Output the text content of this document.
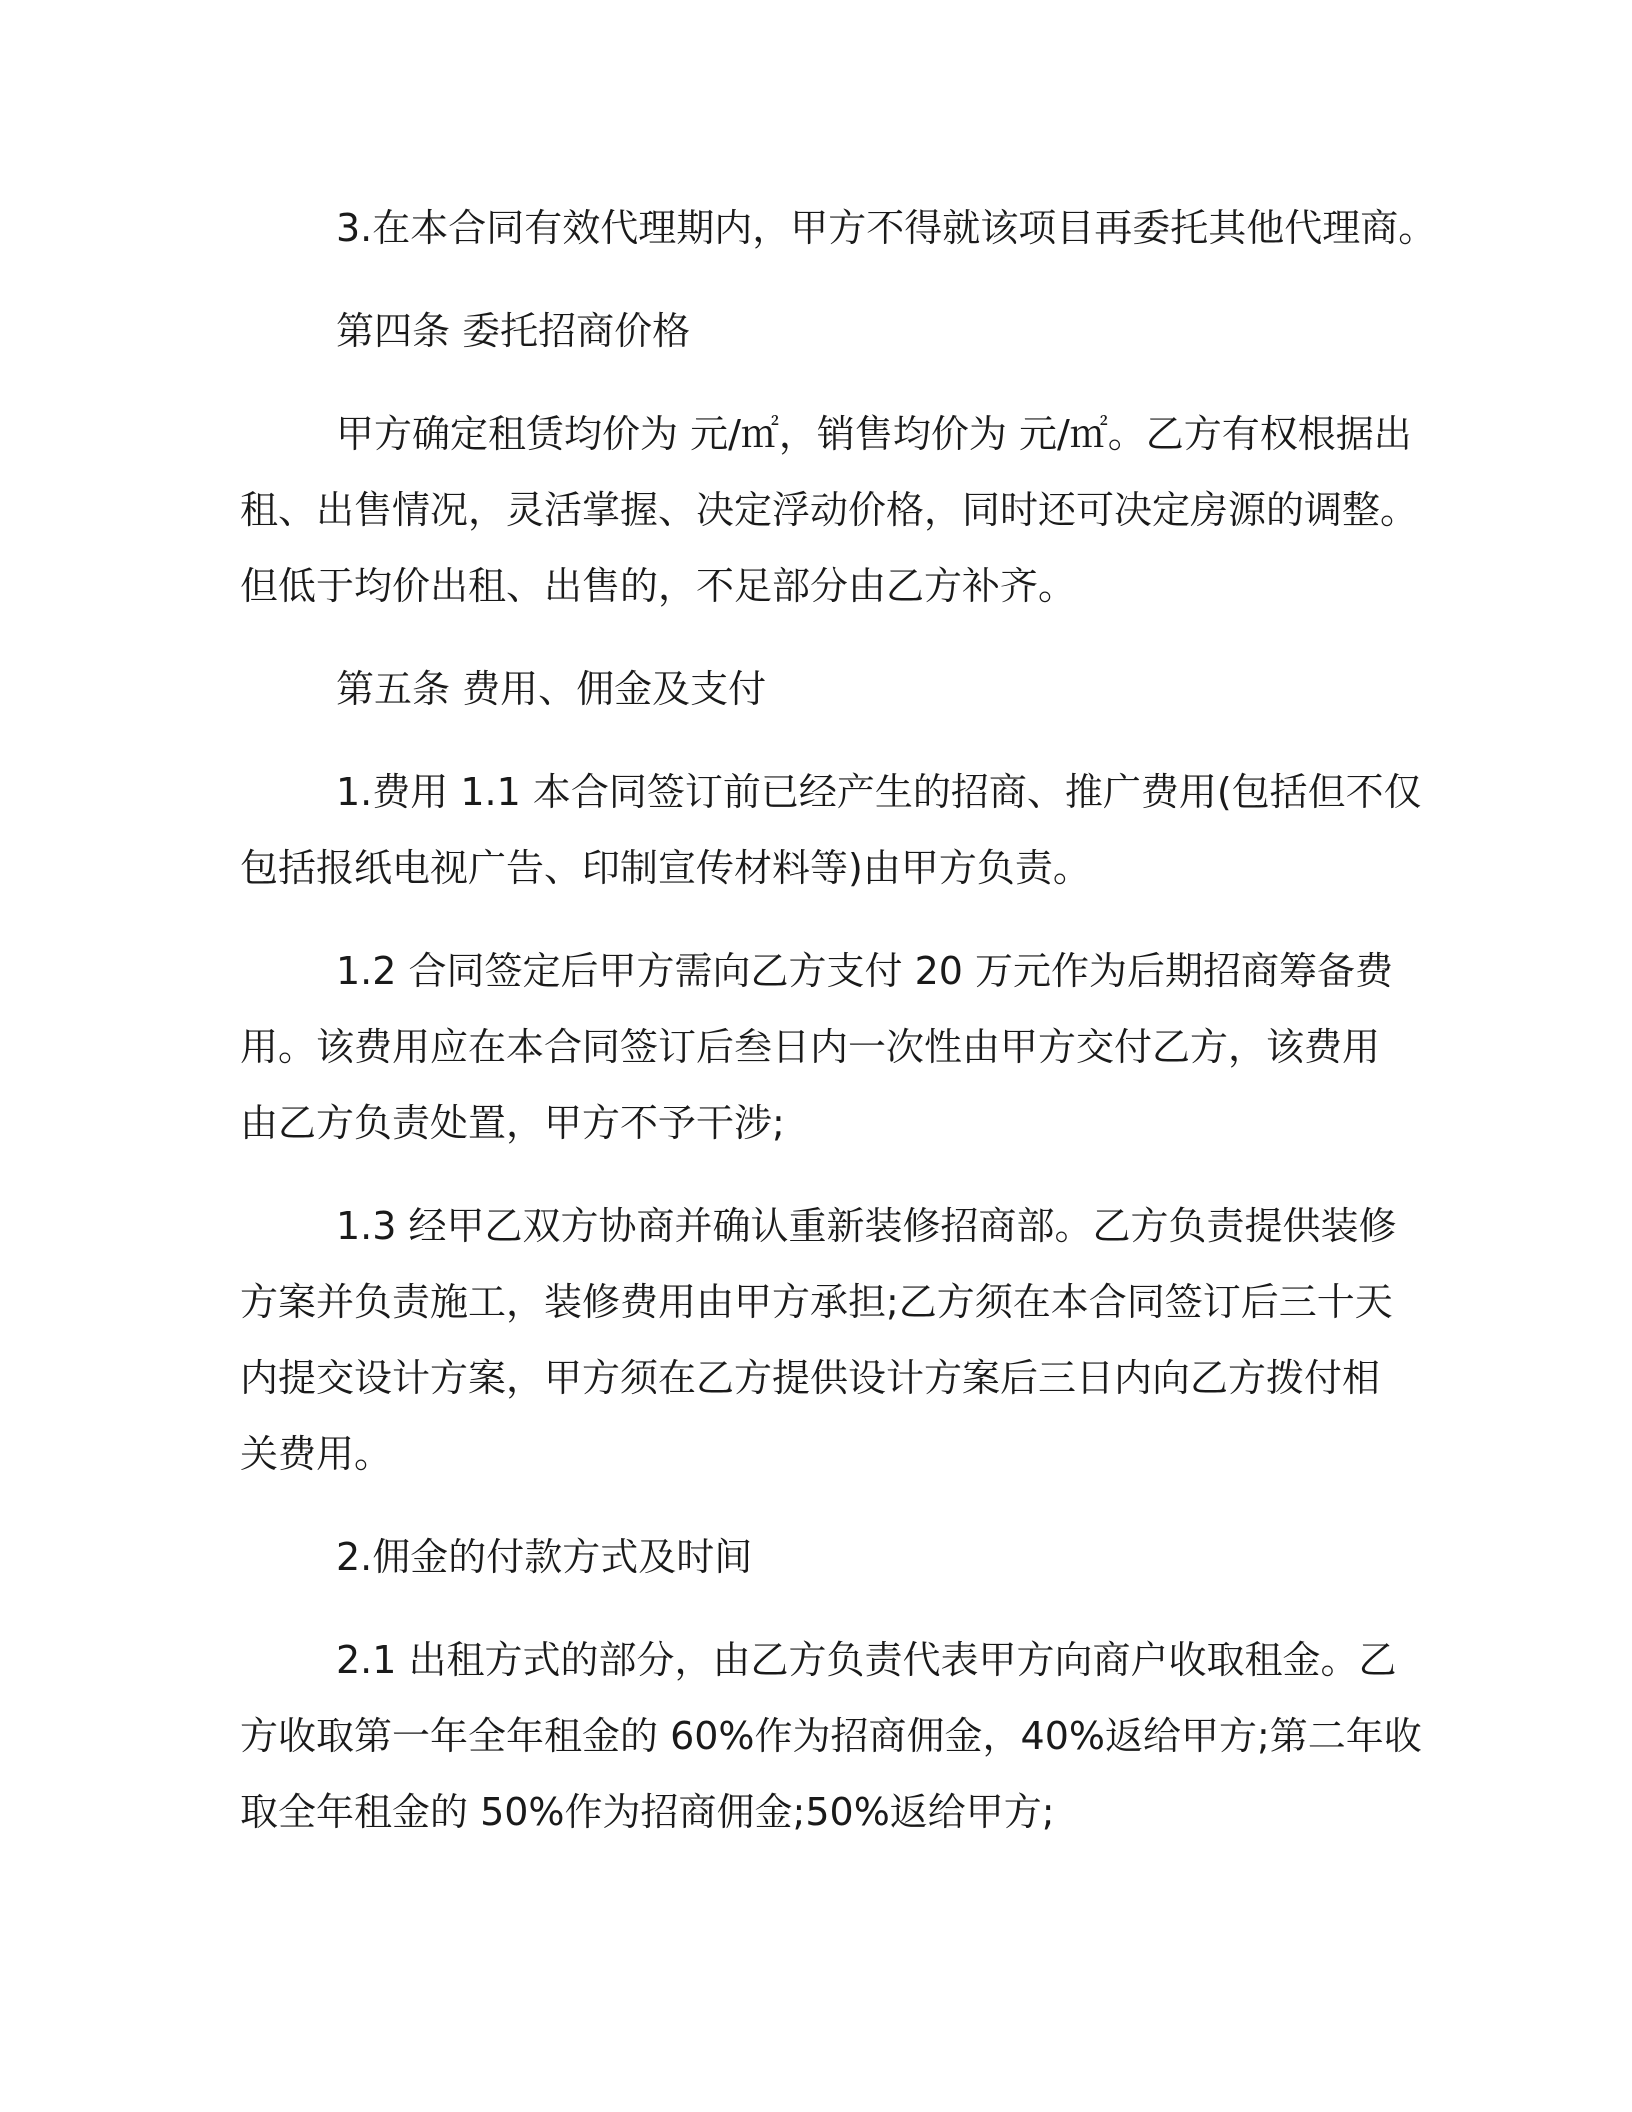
3.在本合同有效代理期内，甲方不得就该项目再委托其他代理商。

第四条 委托招商价格

甲方确定租赁均价为 元/㎡，销售均价为 元/㎡。乙方有权根据出
租、出售情况，灵活掌握、决定浮动价格，同时还可决定房源的调整。
但低于均价出租、出售的，不足部分由乙方补齐。

第五条 费用、佣金及支付

1.费用 1.1 本合同签订前已经产生的招商、推广费用(包括但不仅
包括报纸电视广告、印制宣传材料等)由甲方负责。

1.2 合同签定后甲方需向乙方支付 20 万元作为后期招商筹备费
用。该费用应在本合同签订后叁日内一次性由甲方交付乙方，该费用
由乙方负责处置，甲方不予干涉;

1.3 经甲乙双方协商并确认重新装修招商部。乙方负责提供装修
方案并负责施工，装修费用由甲方承担;乙方须在本合同签订后三十天
内提交设计方案，甲方须在乙方提供设计方案后三日内向乙方拨付相
关费用。

2.佣金的付款方式及时间

2.1 出租方式的部分，由乙方负责代表甲方向商户收取租金。乙
方收取第一年全年租金的 60%作为招商佣金，40%返给甲方;第二年收
取全年租金的 50%作为招商佣金;50%返给甲方;
